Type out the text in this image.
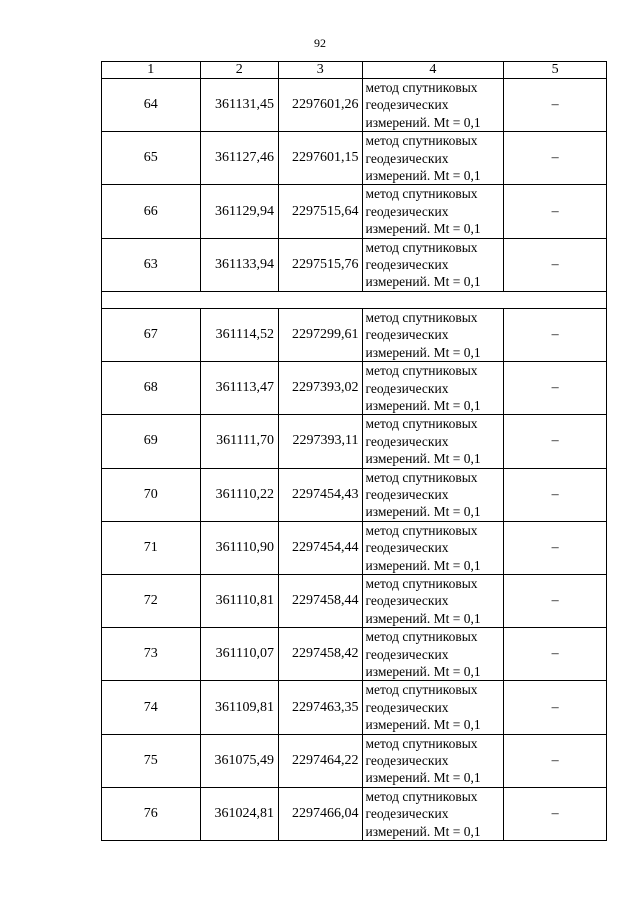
92
1	2	3	4	5
64	361131,45	2297601,26	метод спутниковых
геодезических
измерений. Mt = 0,1	–
65	361127,46	2297601,15	метод спутниковых
геодезических
измерений. Mt = 0,1	–
66	361129,94	2297515,64	метод спутниковых
геодезических
измерений. Mt = 0,1	–
63	361133,94	2297515,76	метод спутниковых
геодезических
измерений. Mt = 0,1	–

67	361114,52	2297299,61	метод спутниковых
геодезических
измерений. Mt = 0,1	–
68	361113,47	2297393,02	метод спутниковых
геодезических
измерений. Mt = 0,1	–
69	361111,70	2297393,11	метод спутниковых
геодезических
измерений. Mt = 0,1	–
70	361110,22	2297454,43	метод спутниковых
геодезических
измерений. Mt = 0,1	–
71	361110,90	2297454,44	метод спутниковых
геодезических
измерений. Mt = 0,1	–
72	361110,81	2297458,44	метод спутниковых
геодезических
измерений. Mt = 0,1	–
73	361110,07	2297458,42	метод спутниковых
геодезических
измерений. Mt = 0,1	–
74	361109,81	2297463,35	метод спутниковых
геодезических
измерений. Mt = 0,1	–
75	361075,49	2297464,22	метод спутниковых
геодезических
измерений. Mt = 0,1	–
76	361024,81	2297466,04	метод спутниковых
геодезических
измерений. Mt = 0,1	–
